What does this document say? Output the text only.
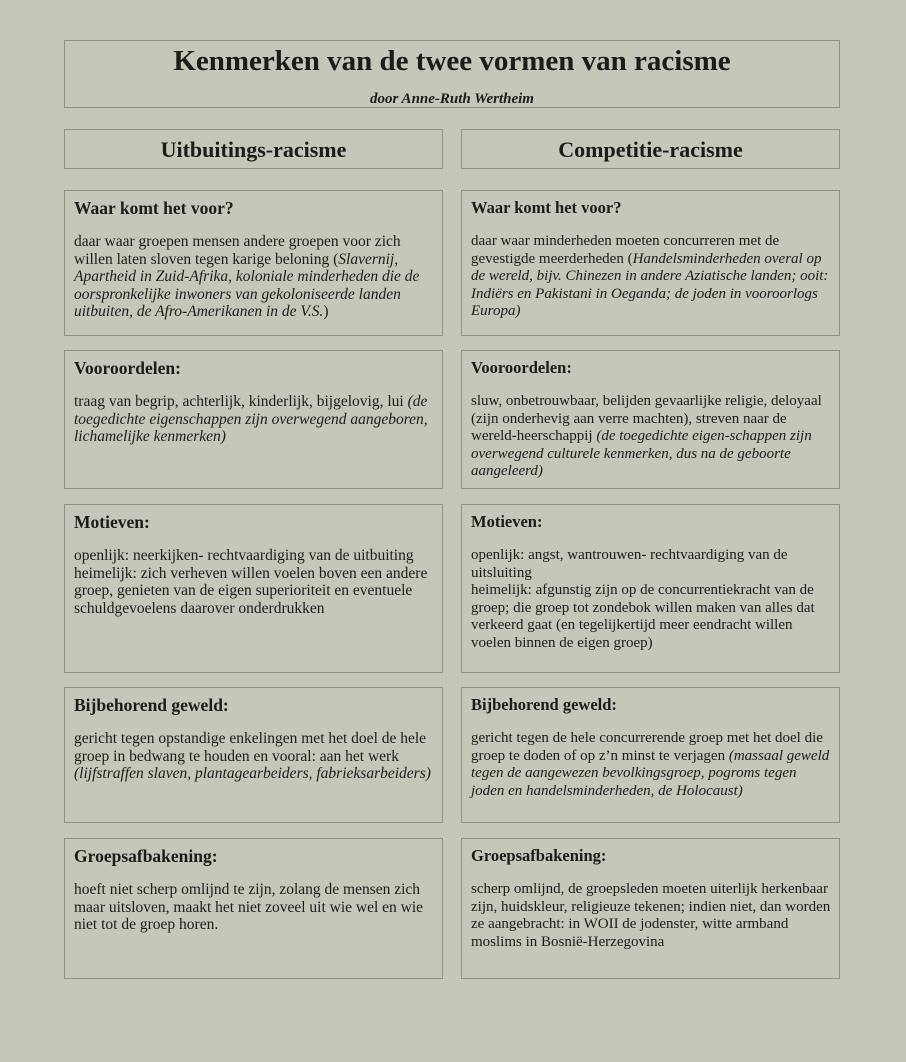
Kenmerken van de twee vormen van racisme
door Anne-Ruth Wertheim
Uitbuitings-racisme	Competitie-racisme
Waar komt het voor?
daar waar groepen mensen andere groepen voor zich willen laten sloven tegen karige beloning (Slavernij, Apartheid in Zuid-Afrika, koloniale minderheden die de oorspronkelijke inwoners van gekoloniseerde landen uitbuiten, de Afro-Amerikanen in de V.S.)
Waar komt het voor?
daar waar minderheden moeten concurreren met de gevestigde meerderheden (Handelsminderheden overal op de wereld, bijv. Chinezen in andere Aziatische landen; ooit: Indiërs en Pakistani in Oeganda; de joden in vooroorlogs Europa)
Vooroordelen:
traag van begrip, achterlijk, kinderlijk, bijgelovig, lui (de toegedichte eigenschappen zijn overwegend aangeboren, lichamelijke kenmerken)
Vooroordelen:
sluw, onbetrouwbaar, belijden gevaarlijke religie, deloyaal (zijn onderhevig aan verre machten), streven naar de wereld-heerschappij (de toegedichte eigen-schappen zijn overwegend culturele kenmerken, dus na de geboorte aangeleerd)
Motieven:
openlijk: neerkijken- rechtvaardiging van de uitbuiting
heimelijk: zich verheven willen voelen boven een andere groep, genieten van de eigen superioriteit en eventuele schuldgevoelens daarover onderdrukken
Motieven:
openlijk: angst, wantrouwen- rechtvaardiging van de uitsluiting
heimelijk: afgunstig zijn op de concurrentiekracht van de groep; die groep tot zondebok willen maken van alles dat verkeerd gaat (en tegelijkertijd meer eendracht willen voelen binnen de eigen groep)
Bijbehorend geweld:
gericht tegen opstandige enkelingen met het doel de hele groep in bedwang te houden en vooral: aan het werk (lijfstraffen slaven, plantagearbeiders, fabrieksarbeiders)
Bijbehorend geweld:
gericht tegen de hele concurrerende groep met het doel die groep te doden of op z’n minst te verjagen (massaal geweld tegen de aangewezen bevolkingsgroep, pogroms tegen joden en handelsminderheden, de Holocaust)
Groepsafbakening:
hoeft niet scherp omlijnd te zijn, zolang de mensen zich maar uitsloven, maakt het niet zoveel uit wie wel en wie niet tot de groep horen.
Groepsafbakening:
scherp omlijnd, de groepsleden moeten uiterlijk herkenbaar zijn, huidskleur, religieuze tekenen; indien niet, dan worden ze aangebracht: in WOII de jodenster, witte armband moslims in Bosnië-Herzegovina
